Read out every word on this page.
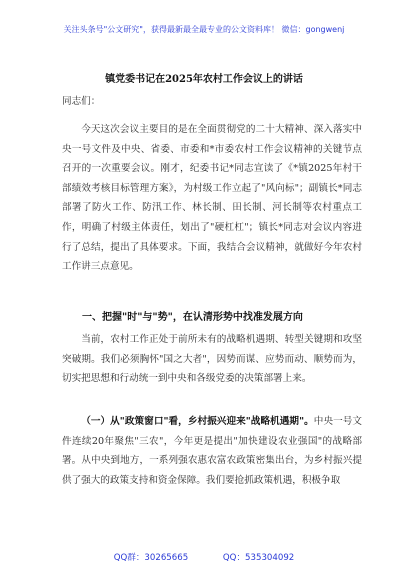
关注头条号"公文研究"，获得最新最全最专业的公文资料库！ 微信：gongwenj
镇党委书记在2025年农村工作会议上的讲话
同志们：
今天这次会议主要目的是在全面贯彻党的二十大精神、深入落实中央一号文件及中央、省委、市委和*市委农村工作会议精神的关键节点召开的一次重要会议。刚才，纪委书记*同志宣读了《*镇2025年村干部绩效考核目标管理方案》，为村级工作立起了"风向标"；副镇长*同志部署了防火工作、防汛工作、林长制、田长制、河长制等农村重点工作，明确了村级主体责任，划出了"硬杠杠"；镇长*同志对会议内容进行了总结，提出了具体要求。下面，我结合会议精神，就做好今年农村工作讲三点意见。
一、把握"时"与"势"，在认清形势中找准发展方向
当前，农村工作正处于前所未有的战略机遇期、转型关键期和攻坚突破期。我们必须胸怀"国之大者"，因势而谋、应势而动、顺势而为，切实把思想和行动统一到中央和各级党委的决策部署上来。
（一）从"政策窗口"看，乡村振兴迎来"战略机遇期"。中央一号文件连续20年聚焦"三农"，今年更是提出"加快建设农业强国"的战略部署。从中央到地方，一系列强农惠农富农政策密集出台，为乡村振兴提供了强大的政策支持和资金保障。我们要抢抓政策机遇，积极争取
QQ群：30265665	QQ：535304092
